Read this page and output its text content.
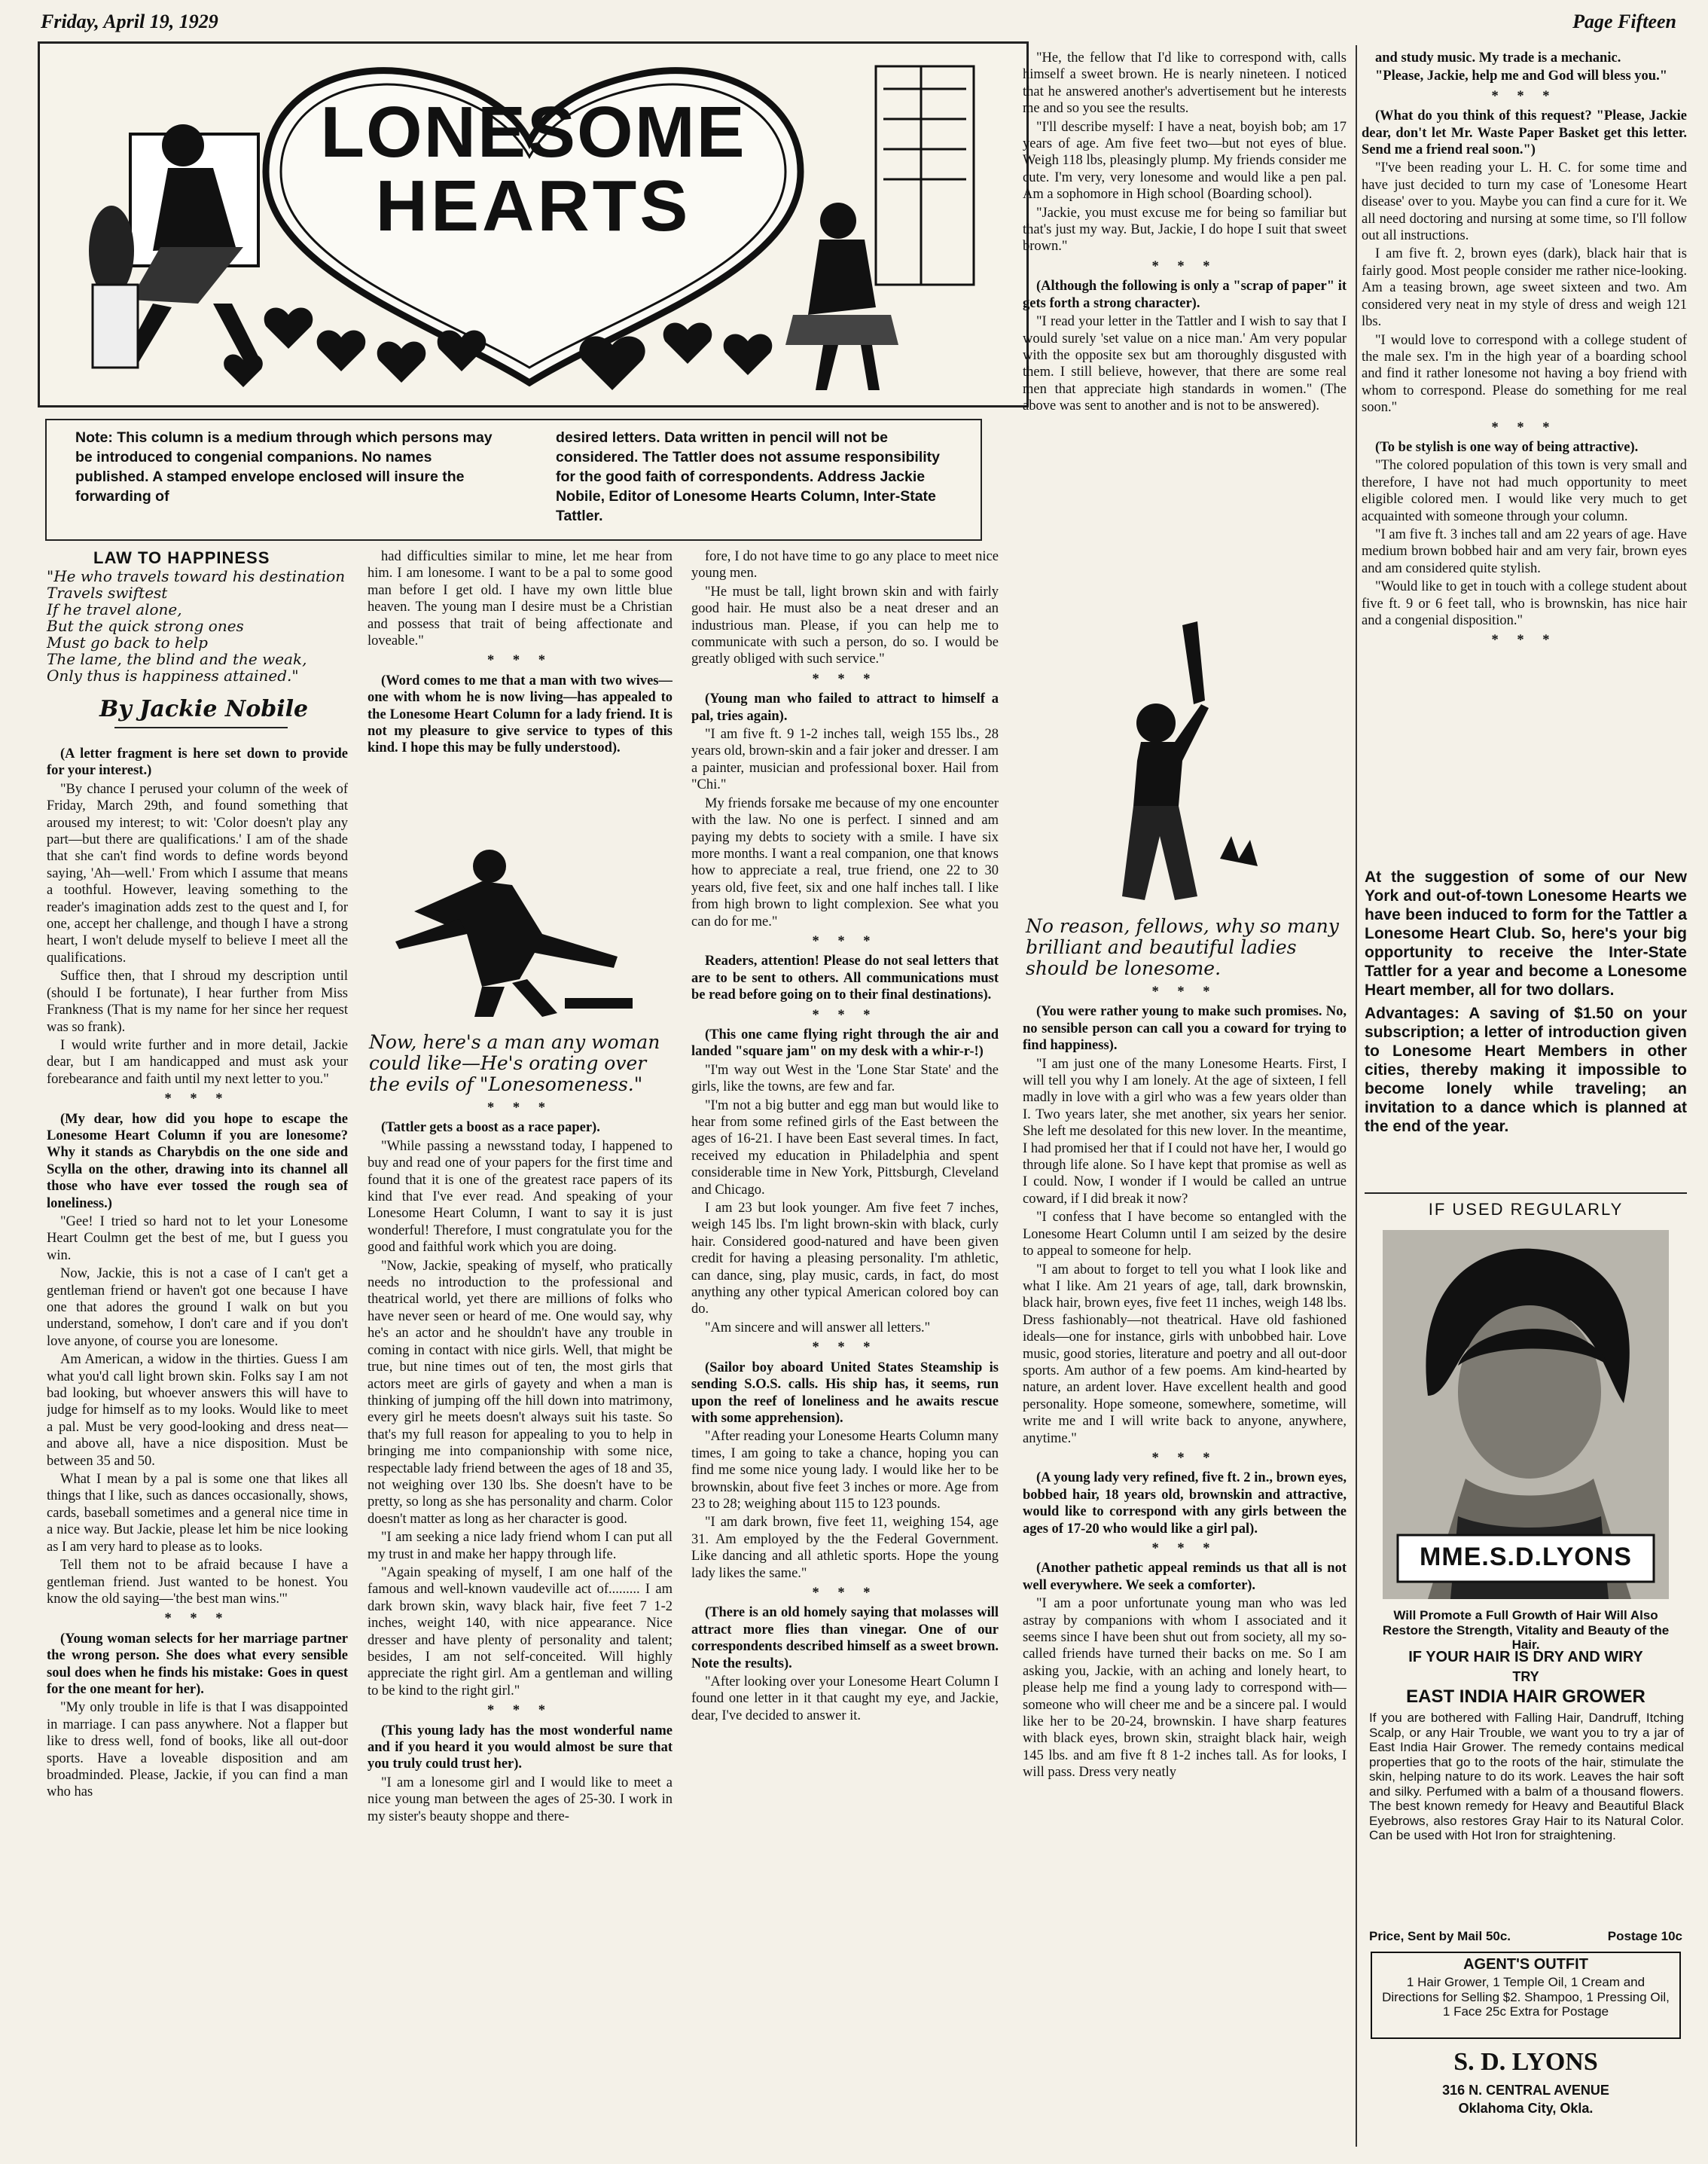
Friday, April 19, 1929	Page Fifteen
LONESOME
HEARTS
Note: This column is a medium through which persons may be introduced to congenial companions. No names published. A stamped envelope enclosed will insure the forwarding of
desired letters. Data written in pencil will not be considered. The Tattler does not assume responsibility for the good faith of correspondents. Address Jackie Nobile, Editor of Lonesome Hearts Column, Inter-State Tattler.
LAW TO HAPPINESS
"He who travels toward his destination
Travels swiftest
If he travel alone,
But the quick strong ones
Must go back to help
The lame, the blind and the weak,
Only thus is happiness attained."
By Jackie Nobile

(A letter fragment is here set down to provide for your interest.)

"By chance I perused your column of the week of Friday, March 29th, and found something that aroused my interest; to wit: 'Color doesn't play any part—but there are qualifications.' I am of the shade that she can't find words to define words beyond saying, 'Ah—well.' From which I assume that means a toothful. However, leaving something to the reader's imagination adds zest to the quest and I, for one, accept her challenge, and though I have a strong heart, I won't delude myself to believe I meet all the qualifications.

Suffice then, that I shroud my description until (should I be fortunate), I hear further from Miss Frankness (That is my name for her since her request was so frank).

I would write further and in more detail, Jackie dear, but I am handicapped and must ask your forebearance and faith until my next letter to you."

* * *

(My dear, how did you hope to escape the Lonesome Heart Column if you are lonesome? Why it stands as Charybdis on the one side and Scylla on the other, drawing into its channel all those who have ever tossed the rough sea of loneliness.)

"Gee! I tried so hard not to let your Lonesome Heart Coulmn get the best of me, but I guess you win.

Now, Jackie, this is not a case of I can't get a gentleman friend or haven't got one because I have one that adores the ground I walk on but you understand, somehow, I don't care and if you don't love anyone, of course you are lonesome.

Am American, a widow in the thirties. Guess I am what you'd call light brown skin. Folks say I am not bad looking, but whoever answers this will have to judge for himself as to my looks. Would like to meet a pal. Must be very good-looking and dress neat—and above all, have a nice disposition. Must be between 35 and 50.

What I mean by a pal is some one that likes all things that I like, such as dances occasionally, shows, cards, baseball sometimes and a general nice time in a nice way. But Jackie, please let him be nice looking as I am very hard to please as to looks.

Tell them not to be afraid because I have a gentleman friend. Just wanted to be honest. You know the old saying—'the best man wins.'"

* * *

(Young woman selects for her marriage partner the wrong person. She does what every sensible soul does when he finds his mistake: Goes in quest for the one meant for her).

"My only trouble in life is that I was disappointed in marriage. I can pass anywhere. Not a flapper but like to dress well, fond of books, like all out-door sports. Have a loveable disposition and am broadminded. Please, Jackie, if you can find a man who has

had difficulties similar to mine, let me hear from him. I am lonesome. I want to be a pal to some good man before I get old. I have my own little blue heaven. The young man I desire must be a Christian and possess that trait of being affectionate and loveable."

* * *

(Word comes to me that a man with two wives—one with whom he is now living—has appealed to the Lonesome Heart Column for a lady friend. It is not my pleasure to give service to types of this kind. I hope this may be fully understood).

Now, here's a man any woman could like—He's orating over the evils of "Lonesomeness."

* * *

(Tattler gets a boost as a race paper).

"While passing a newsstand today, I happened to buy and read one of your papers for the first time and found that it is one of the greatest race papers of its kind that I've ever read. And speaking of your Lonesome Heart Column, I want to say it is just wonderful! Therefore, I must congratulate you for the good and faithful work which you are doing.

"Now, Jackie, speaking of myself, who pratically needs no introduction to the professional and theatrical world, yet there are millions of folks who have never seen or heard of me. One would say, why he's an actor and he shouldn't have any trouble in coming in contact with nice girls. Well, that might be true, but nine times out of ten, the most girls that actors meet are girls of gayety and when a man is thinking of jumping off the hill down into matrimony, every girl he meets doesn't always suit his taste. So that's my full reason for appealing to you to help in bringing me into companionship with some nice, respectable lady friend between the ages of 18 and 35, not weighing over 130 lbs. She doesn't have to be pretty, so long as she has personality and charm. Color doesn't matter as long as her character is good.

"I am seeking a nice lady friend whom I can put all my trust in and make her happy through life.

"Again speaking of myself, I am one half of the famous and well-known vaudeville act of......... I am dark brown skin, wavy black hair, five feet 7 1-2 inches, weight 140, with nice appearance. Nice dresser and have plenty of personality and talent; besides, I am not self-conceited. Will highly appreciate the right girl. Am a gentleman and willing to be kind to the right girl."

* * *

(This young lady has the most wonderful name and if you heard it you would almost be sure that you truly could trust her).

"I am a lonesome girl and I would like to meet a nice young man between the ages of 25-30. I work in my sister's beauty shoppe and there-

fore, I do not have time to go any place to meet nice young men.

"He must be tall, light brown skin and with fairly good hair. He must also be a neat dreser and an industrious man. Please, if you can help me to communicate with such a person, do so. I would be greatly obliged with such service."

* * *

(Young man who failed to attract to himself a pal, tries again).

"I am five ft. 9 1-2 inches tall, weigh 155 lbs., 28 years old, brown-skin and a fair joker and dresser. I am a painter, musician and professional boxer. Hail from "Chi."

My friends forsake me because of my one encounter with the law. No one is perfect. I sinned and am paying my debts to society with a smile. I have six more months. I want a real companion, one that knows how to appreciate a real, true friend, one 22 to 30 years old, five feet, six and one half inches tall. I like from high brown to light complexion. See what you can do for me."

* * *

Readers, attention! Please do not seal letters that are to be sent to others. All communications must be read before going on to their final destinations).

* * *

(This one came flying right through the air and landed "square jam" on my desk with a whir-r-!)

"I'm way out West in the 'Lone Star State' and the girls, like the towns, are few and far.

"I'm not a big butter and egg man but would like to hear from some refined girls of the East between the ages of 16-21. I have been East several times. In fact, received my education in Philadelphia and spent considerable time in New York, Pittsburgh, Cleveland and Chicago.

I am 23 but look younger. Am five feet 7 inches, weigh 145 lbs. I'm light brown-skin with black, curly hair. Considered good-natured and have been given credit for having a pleasing personality. I'm athletic, can dance, sing, play music, cards, in fact, do most anything any other typical American colored boy can do.

"Am sincere and will answer all letters."

* * *

(Sailor boy aboard United States Steamship is sending S.O.S. calls. His ship has, it seems, run upon the reef of loneliness and he awaits rescue with some apprehension).

"After reading your Lonesome Hearts Column many times, I am going to take a chance, hoping you can find me some nice young lady. I would like her to be brownskin, about five feet 3 inches or more. Age from 23 to 28; weighing about 115 to 123 pounds.

"I am dark brown, five feet 11, weighing 154, age 31. Am employed by the the Federal Government. Like dancing and all athletic sports. Hope the young lady likes the same."

* * *

(There is an old homely saying that molasses will attract more flies than vinegar. One of our correspondents described himself as a sweet brown. Note the results).

"After looking over your Lonesome Heart Column I found one letter in it that caught my eye, and Jackie, dear, I've decided to answer it.

"He, the fellow that I'd like to correspond with, calls himself a sweet brown. He is nearly nineteen. I noticed that he answered another's advertisement but he interests me and so you see the results.

"I'll describe myself: I have a neat, boyish bob; am 17 years of age. Am five feet two—but not eyes of blue. Weigh 118 lbs, pleasingly plump. My friends consider me cute. I'm very, very lonesome and would like a pen pal. Am a sophomore in High school (Boarding school).

"Jackie, you must excuse me for being so familiar but that's just my way. But, Jackie, I do hope I suit that sweet brown."

* * *

(Although the following is only a "scrap of paper" it gets forth a strong character).

"I read your letter in the Tattler and I wish to say that I would surely 'set value on a nice man.' Am very popular with the opposite sex but am thoroughly disgusted with them. I still believe, however, that there are some real men that appreciate high standards in women." (The above was sent to another and is not to be answered).

No reason, fellows, why so many brilliant and beautiful ladies should be lonesome.

* * *

(You were rather young to make such promises. No, no sensible person can call you a coward for trying to find happiness).

"I am just one of the many Lonesome Hearts. First, I will tell you why I am lonely. At the age of sixteen, I fell madly in love with a girl who was a few years older than I. Two years later, she met another, six years her senior. She left me desolated for this new lover. In the meantime, I had promised her that if I could not have her, I would go through life alone. So I have kept that promise as well as I could. Now, I wonder if I would be called an untrue coward, if I did break it now?

"I confess that I have become so entangled with the Lonesome Heart Column until I am seized by the desire to appeal to someone for help.

"I am about to forget to tell you what I look like and what I like. Am 21 years of age, tall, dark brownskin, black hair, brown eyes, five feet 11 inches, weigh 148 lbs. Dress fashionably—not theatrical. Have old fashioned ideals—one for instance, girls with unbobbed hair. Love music, good stories, literature and poetry and all out-door sports. Am author of a few poems. Am kind-hearted by nature, an ardent lover. Have excellent health and good personality. Hope someone, somewhere, sometime, will write me and I will write back to anyone, anywhere, anytime."

* * *

(A young lady very refined, five ft. 2 in., brown eyes, bobbed hair, 18 years old, brownskin and attractive, would like to correspond with any girls between the ages of 17-20 who would like a girl pal).

* * *

(Another pathetic appeal reminds us that all is not well everywhere. We seek a comforter).

"I am a poor unfortunate young man who was led astray by companions with whom I associated and it seems since I have been shut out from society, all my so-called friends have turned their backs on me. So I am asking you, Jackie, with an aching and lonely heart, to please help me find a young lady to correspond with—someone who will cheer me and be a sincere pal. I would like her to be 20-24, brownskin. I have sharp features with black eyes, brown skin, straight black hair, weigh 145 lbs. and am five ft 8 1-2 inches tall. As for looks, I will pass. Dress very neatly

and study music. My trade is a mechanic.

"Please, Jackie, help me and God will bless you."

* * *

(What do you think of this request? "Please, Jackie dear, don't let Mr. Waste Paper Basket get this letter. Send me a friend real soon.")

"I've been reading your L. H. C. for some time and have just decided to turn my case of 'Lonesome Heart disease' over to you. Maybe you can find a cure for it. We all need doctoring and nursing at some time, so I'll follow out all instructions.

I am five ft. 2, brown eyes (dark), black hair that is fairly good. Most people consider me rather nice-looking. Am a teasing brown, age sweet sixteen and two. Am considered very neat in my style of dress and weigh 121 lbs.

"I would love to correspond with a college student of the male sex. I'm in the high year of a boarding school and find it rather lonesome not having a boy friend with whom to correspond. Please do something for me real soon."

* * *

(To be stylish is one way of being attractive).

"The colored population of this town is very small and therefore, I have not had much opportunity to meet eligible colored men. I would like very much to get acquainted with someone through your column.

"I am five ft. 3 inches tall and am 22 years of age. Have medium brown bobbed hair and am very fair, brown eyes and am considered quite stylish.

"Would like to get in touch with a college student about five ft. 9 or 6 feet tall, who is brownskin, has nice hair and a congenial disposition."

* * *

At the suggestion of some of our New York and out-of-town Lonesome Hearts we have been induced to form for the Tattler a Lonesome Heart Club. So, here's your big opportunity to receive the Inter-State Tattler for a year and become a Lonesome Heart member, all for two dollars.
Advantages: A saving of $1.50 on your subscription; a letter of introduction given to Lonesome Heart Members in other cities, thereby making it impossible to become lonely while traveling; an invitation to a dance which is planned at the end of the year.
IF USED REGULARLY
MME.S.D.LYONS
Will Promote a Full Growth of Hair Will Also Restore the Strength, Vitality and Beauty of the Hair.
IF YOUR HAIR IS DRY AND WIRY
TRY
EAST INDIA HAIR GROWER
If you are bothered with Falling Hair, Dandruff, Itching Scalp, or any Hair Trouble, we want you to try a jar of East India Hair Grower. The remedy contains medical properties that go to the roots of the hair, stimulate the skin, helping nature to do its work. Leaves the hair soft and silky. Perfumed with a balm of a thousand flowers. The best known remedy for Heavy and Beautiful Black Eyebrows, also restores Gray Hair to its Natural Color. Can be used with Hot Iron for straightening.
Price, Sent by Mail 50c.	Postage 10c
AGENT'S OUTFIT
1 Hair Grower, 1 Temple Oil, 1 Cream and Directions for Selling $2. Shampoo, 1 Pressing Oil, 1 Face 25c Extra for Postage
S. D. LYONS
316 N. CENTRAL AVENUE
Oklahoma City, Okla.
